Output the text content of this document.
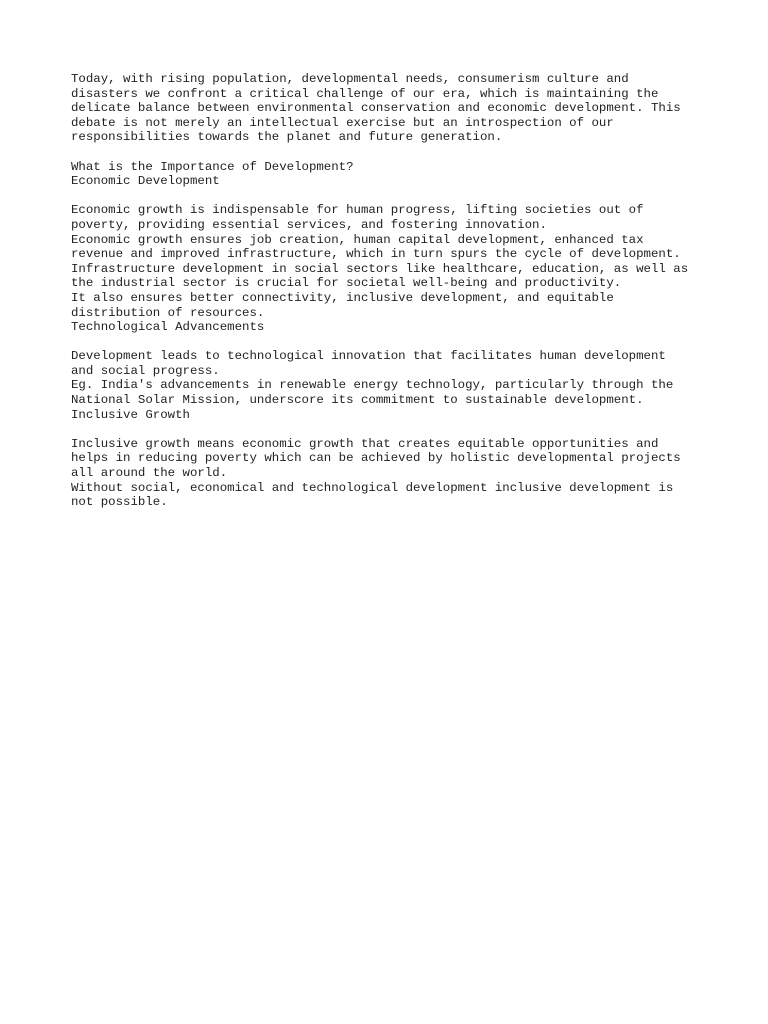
Today, with rising population, developmental needs, consumerism culture and
disasters we confront a critical challenge of our era, which is maintaining the
delicate balance between environmental conservation and economic development. This
debate is not merely an intellectual exercise but an introspection of our
responsibilities towards the planet and future generation.
What is the Importance of Development?
Economic Development
Economic growth is indispensable for human progress, lifting societies out of
poverty, providing essential services, and fostering innovation.
Economic growth ensures job creation, human capital development, enhanced tax
revenue and improved infrastructure, which in turn spurs the cycle of development.
Infrastructure development in social sectors like healthcare, education, as well as
the industrial sector is crucial for societal well-being and productivity.
It also ensures better connectivity, inclusive development, and equitable
distribution of resources.
Technological Advancements
Development leads to technological innovation that facilitates human development
and social progress.
Eg. India's advancements in renewable energy technology, particularly through the
National Solar Mission, underscore its commitment to sustainable development.
Inclusive Growth
Inclusive growth means economic growth that creates equitable opportunities and
helps in reducing poverty which can be achieved by holistic developmental projects
all around the world.
Without social, economical and technological development inclusive development is
not possible.
